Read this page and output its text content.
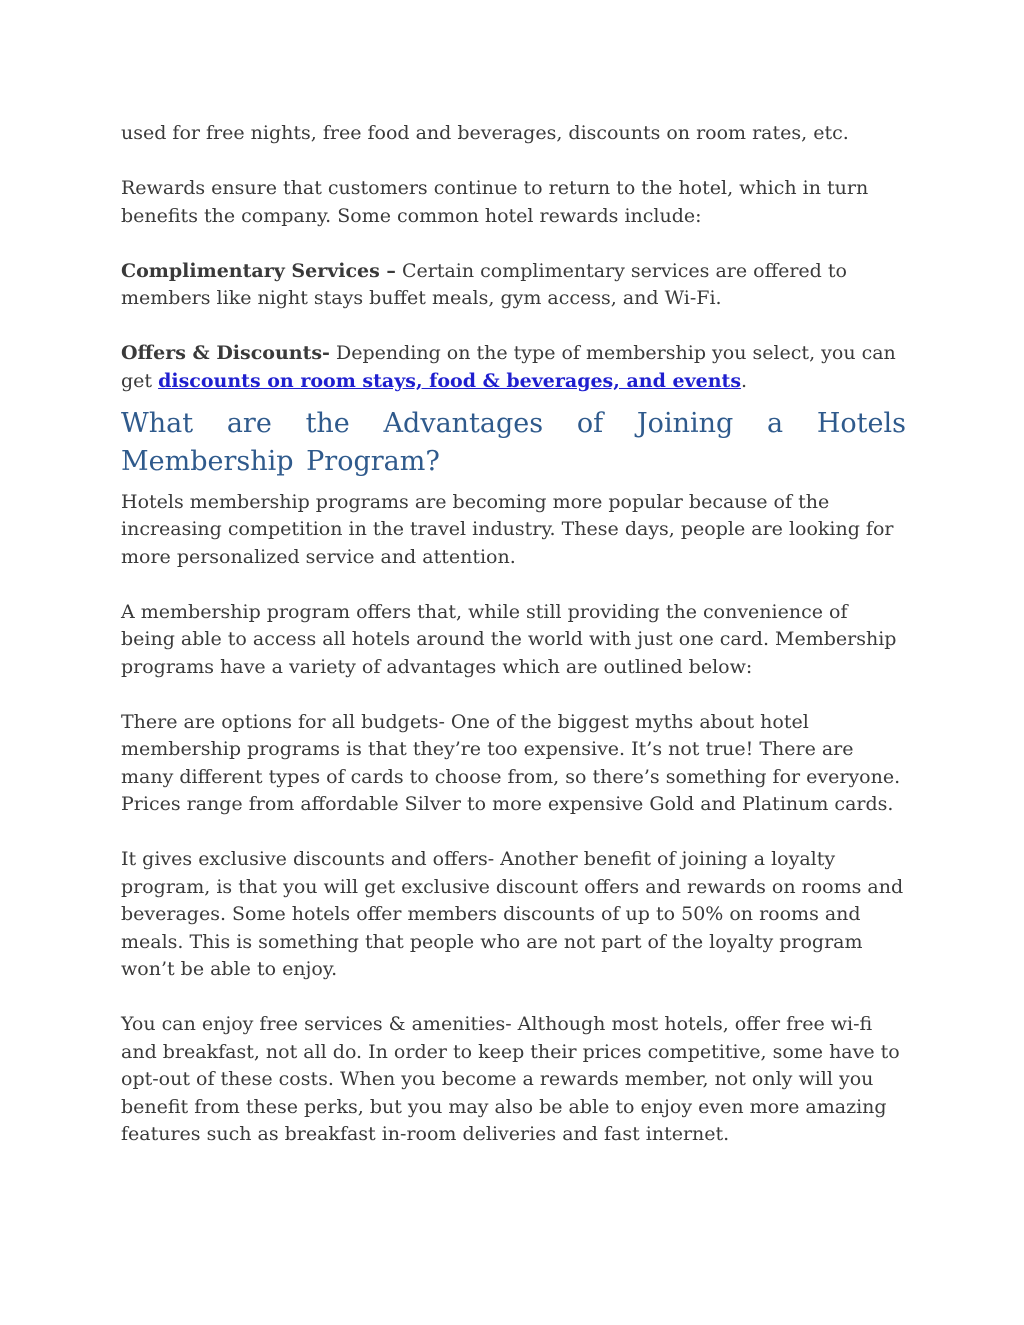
used for free nights, free food and beverages, discounts on room rates, etc.

Rewards ensure that customers continue to return to the hotel, which in turn benefits the company. Some common hotel rewards include:

Complimentary Services – Certain complimentary services are offered to members like night stays buffet meals, gym access, and Wi-Fi.

Offers & Discounts- Depending on the type of membership you select, you can get discounts on room stays, food & beverages, and events.

What are the Advantages of Joining a Hotels Membership Program?

Hotels membership programs are becoming more popular because of the increasing competition in the travel industry. These days, people are looking for more personalized service and attention.

A membership program offers that, while still providing the convenience of being able to access all hotels around the world with just one card. Membership programs have a variety of advantages which are outlined below:

There are options for all budgets- One of the biggest myths about hotel membership programs is that they’re too expensive. It’s not true! There are many different types of cards to choose from, so there’s something for everyone. Prices range from affordable Silver to more expensive Gold and Platinum cards.

It gives exclusive discounts and offers- Another benefit of joining a loyalty program, is that you will get exclusive discount offers and rewards on rooms and beverages. Some hotels offer members discounts of up to 50% on rooms and meals. This is something that people who are not part of the loyalty program won’t be able to enjoy.

You can enjoy free services & amenities- Although most hotels, offer free wi-fi and breakfast, not all do. In order to keep their prices competitive, some have to opt-out of these costs. When you become a rewards member, not only will you benefit from these perks, but you may also be able to enjoy even more amazing features such as breakfast in-room deliveries and fast internet.
